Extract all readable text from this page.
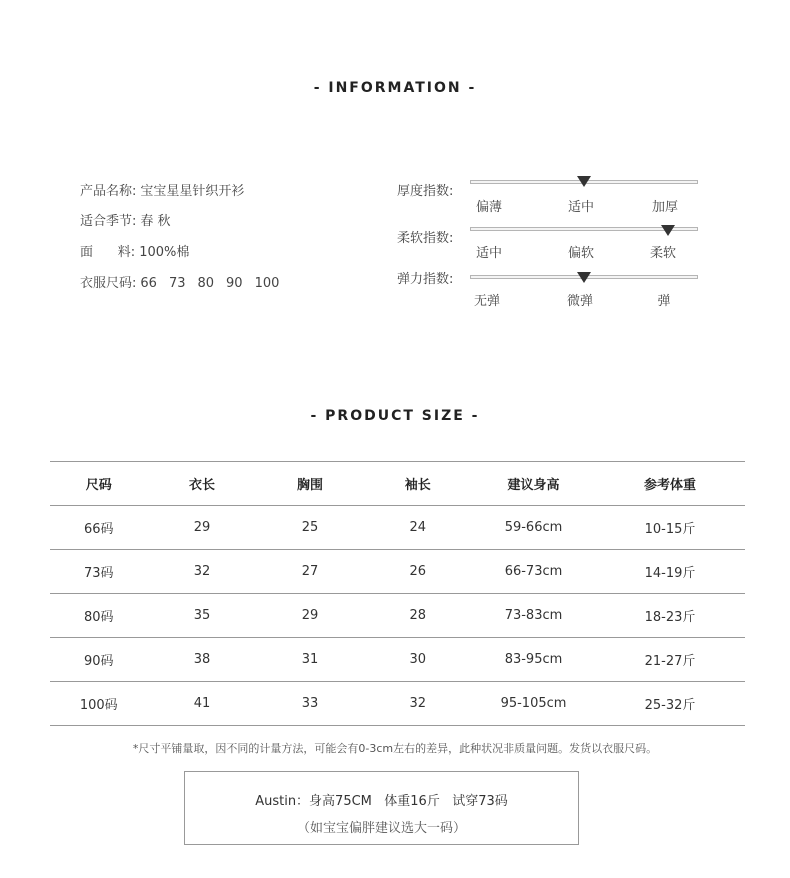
- INFORMATION -
产品名称: 宝宝星星针织开衫
适合季节: 春 秋
面      料: 100%棉
衣服尺码: 66 73 80 90 100
厚度指数:
偏薄	适中	加厚
柔软指数:
适中	偏软	柔软
弹力指数:
无弹	微弹	弹
- PRODUCT SIZE -
尺码	衣长	胸围	袖长	建议身高	参考体重
66码	29	25	24	59-66cm	10-15斤
73码	32	27	26	66-73cm	14-19斤
80码	35	29	28	73-83cm	18-23斤
90码	38	31	30	83-95cm	21-27斤
100码	41	33	32	95-105cm	25-32斤
*尺寸平铺量取，因不同的计量方法，可能会有0-3cm左右的差异，此种状况非质量问题。发货以衣服尺码。
Austin：身高75CM   体重16斤   试穿73码
（如宝宝偏胖建议选大一码）
